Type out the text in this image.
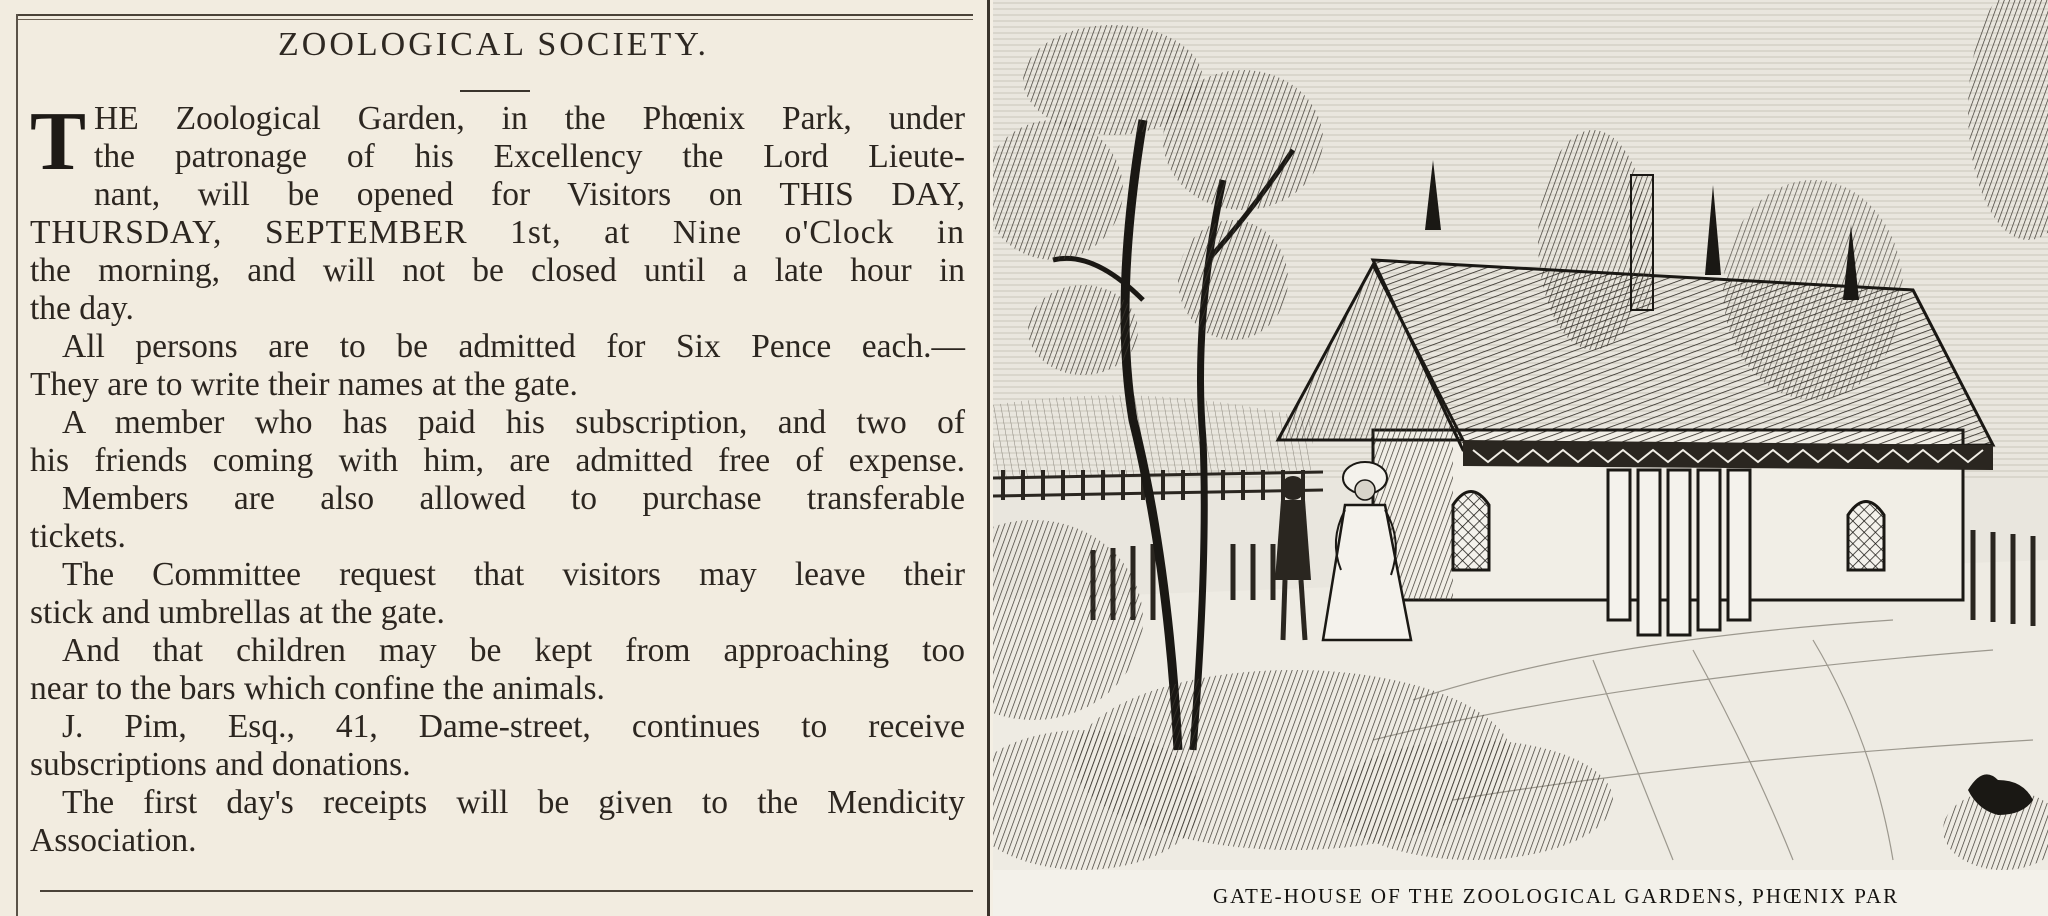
ZOOLOGICAL SOCIETY.
T HE Zoological Garden, in the Phœnix Park, under
the patronage of his Excellency the Lord Lieute-
nant, will be opened for Visitors on THIS DAY,
THURSDAY, SEPTEMBER 1st, at Nine o'Clock in
the morning, and will not be closed until a late hour in
the day.
All persons are to be admitted for Six Pence each.—
They are to write their names at the gate.
A member who has paid his subscription, and two of
his friends coming with him, are admitted free of expense.
Members are also allowed to purchase transferable
tickets.
The Committee request that visitors may leave their
stick and umbrellas at the gate.
And that children may be kept from approaching too
near to the bars which confine the animals.
J. Pim, Esq., 41, Dame-street, continues to receive
subscriptions and donations.
The first day's receipts will be given to the Mendicity
Association.
GATE-HOUSE OF THE ZOOLOGICAL GARDENS, PHŒNIX PAR
